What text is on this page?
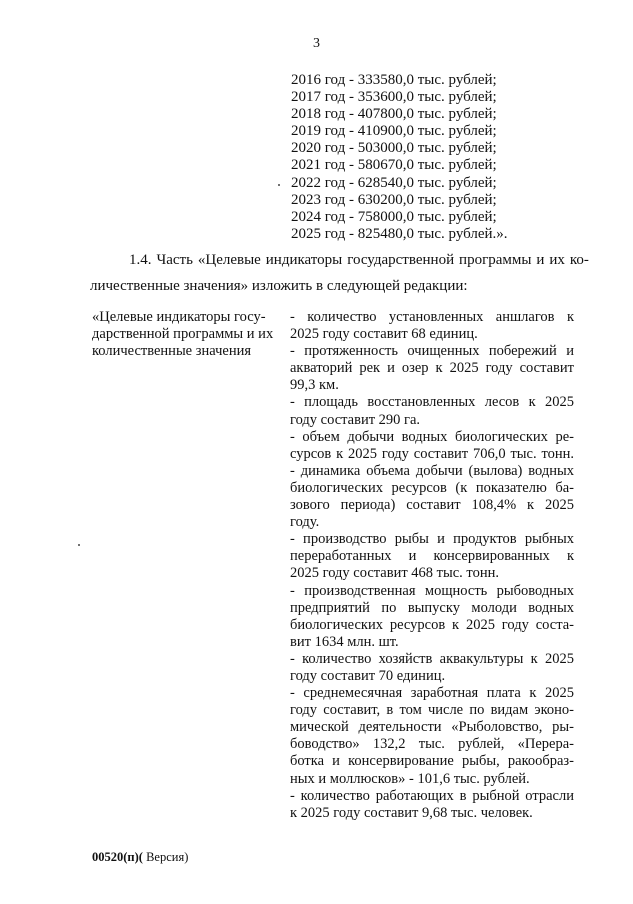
3
2016 год - 333580,0 тыс. рублей;
2017 год - 353600,0 тыс. рублей;
2018 год - 407800,0 тыс. рублей;
2019 год - 410900,0 тыс. рублей;
2020 год - 503000,0 тыс. рублей;
2021 год - 580670,0 тыс. рублей;
2022 год - 628540,0 тыс. рублей;
2023 год - 630200,0 тыс. рублей;
2024 год - 758000,0 тыс. рублей;
2025 год - 825480,0 тыс. рублей.».
1.4. Часть «Целевые индикаторы государственной программы и их ко-
личественные значения» изложить в следующей редакции:
«Целевые индикаторы госу-
дарственной программы и их
количественные значения
- количество установленных аншлагов к
2025 году составит 68 единиц.
- протяженность очищенных побережий и
акваторий рек и озер к 2025 году составит
99,3 км.
- площадь восстановленных лесов к 2025
году составит 290 га.
- объем добычи водных биологических ре-
сурсов к 2025 году составит 706,0 тыс. тонн.
- динамика объема добычи (вылова) водных
биологических ресурсов (к показателю ба-
зового периода) составит 108,4% к 2025
году.
- производство рыбы и продуктов рыбных
переработанных и консервированных к
2025 году составит 468 тыс. тонн.
- производственная мощность рыбоводных
предприятий по выпуску молоди водных
биологических ресурсов к 2025 году соста-
вит 1634 млн. шт.
- количество хозяйств аквакультуры к 2025
году составит 70 единиц.
- среднемесячная заработная плата к 2025
году составит, в том числе по видам эконо-
мической деятельности «Рыболовство, ры-
боводство» 132,2 тыс. рублей, «Перера-
ботка и консервирование рыбы, ракообраз-
ных и моллюсков» - 101,6 тыс. рублей.
- количество работающих в рыбной отрасли
к 2025 году составит 9,68 тыс. человек.
00520(п)( Версия)
